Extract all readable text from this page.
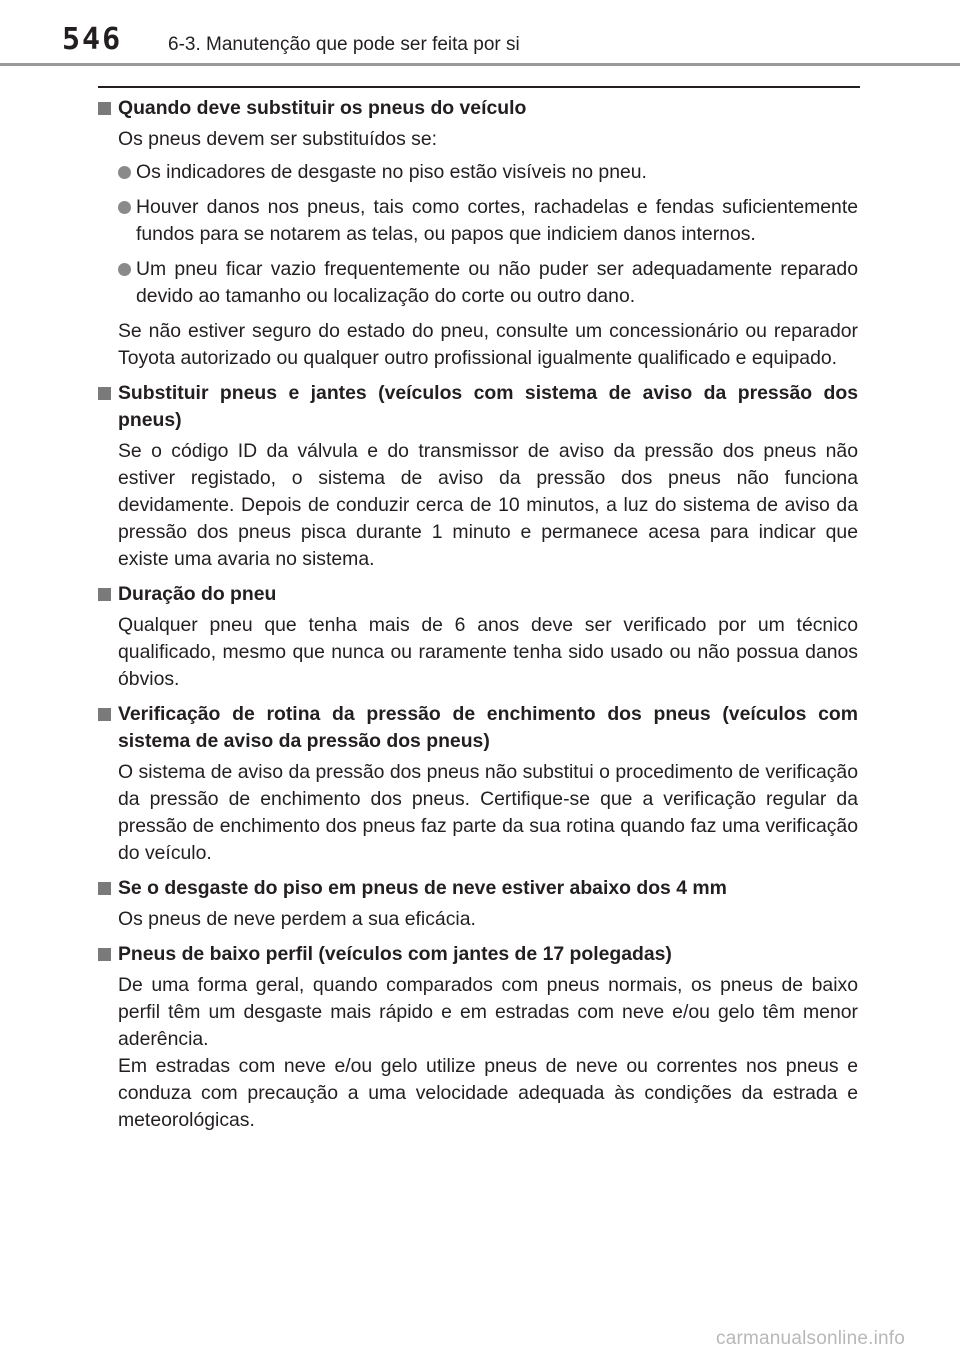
546 6-3. Manutenção que pode ser feita por si
Quando deve substituir os pneus do veículo

Os pneus devem ser substituídos se:

Os indicadores de desgaste no piso estão visíveis no pneu.
Houver danos nos pneus, tais como cortes, rachadelas e fendas suficientemente fundos para se notarem as telas, ou papos que indiciem danos internos.
Um pneu ficar vazio frequentemente ou não puder ser adequadamente reparado devido ao tamanho ou localização do corte ou outro dano.

Se não estiver seguro do estado do pneu, consulte um concessionário ou reparador Toyota autorizado ou qualquer outro profissional igualmente qualificado e equipado.

Substituir pneus e jantes (veículos com sistema de aviso da pressão dos pneus)

Se o código ID da válvula e do transmissor de aviso da pressão dos pneus não estiver registado, o sistema de aviso da pressão dos pneus não funciona devidamente. Depois de conduzir cerca de 10 minutos, a luz do sistema de aviso da pressão dos pneus pisca durante 1 minuto e permanece acesa para indicar que existe uma avaria no sistema.

Duração do pneu

Qualquer pneu que tenha mais de 6 anos deve ser verificado por um técnico qualificado, mesmo que nunca ou raramente tenha sido usado ou não possua danos óbvios.

Verificação de rotina da pressão de enchimento dos pneus (veículos com sistema de aviso da pressão dos pneus)

O sistema de aviso da pressão dos pneus não substitui o procedimento de verificação da pressão de enchimento dos pneus. Certifique-se que a verificação regular da pressão de enchimento dos pneus faz parte da sua rotina quando faz uma verificação do veículo.

Se o desgaste do piso em pneus de neve estiver abaixo dos 4 mm

Os pneus de neve perdem a sua eficácia.

Pneus de baixo perfil (veículos com jantes de 17 polegadas)

De uma forma geral, quando comparados com pneus normais, os pneus de baixo perfil têm um desgaste mais rápido e em estradas com neve e/ou gelo têm menor aderência.

Em estradas com neve e/ou gelo utilize pneus de neve ou correntes nos pneus e conduza com precaução a uma velocidade adequada às condições da estrada e meteorológicas.

carmanualsonline.info
